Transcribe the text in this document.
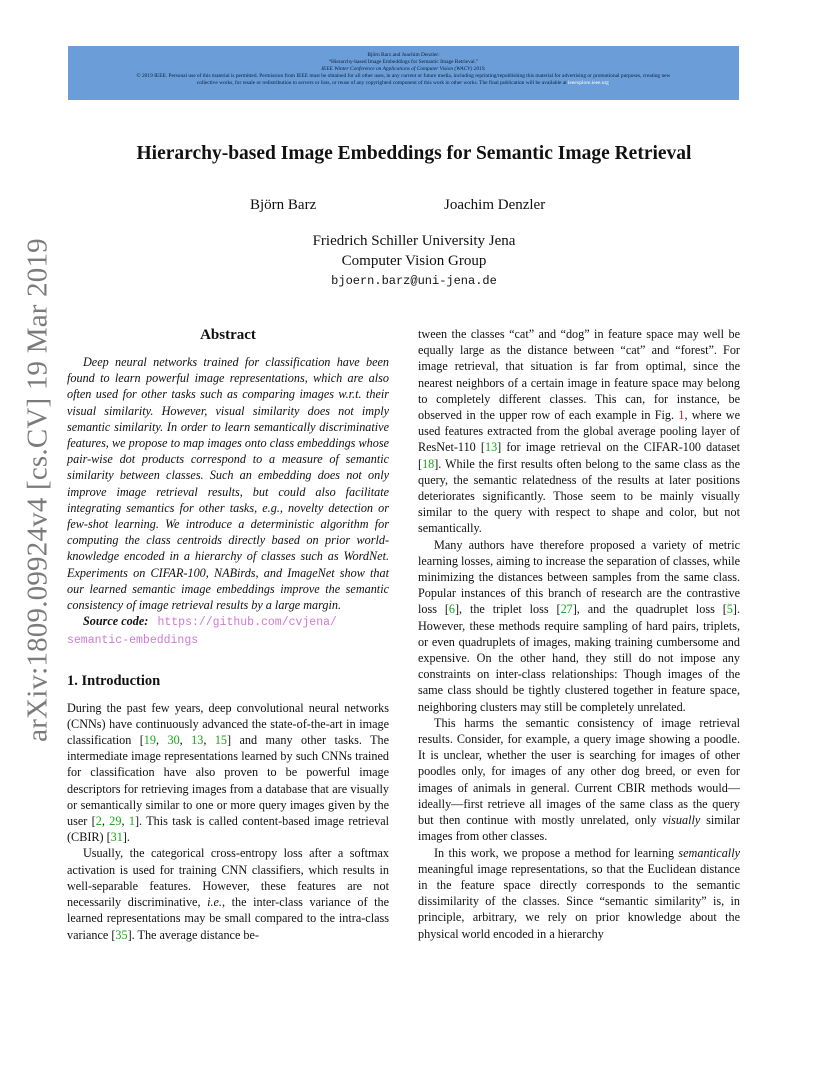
Björn Barz and Joachim Denzler:
“Hierarchy-based Image Embeddings for Semantic Image Retrieval.”
IEEE Winter Conference on Applications of Computer Vision (WACV) 2019.
© 2019 IEEE. Personal use of this material is permitted. Permission from IEEE must be obtained for all other uses, in any current or future media, including reprinting/republishing this material for advertising or promotional purposes, creating new
collective works, for resale or redistribution to servers or lists, or reuse of any copyrighted component of this work in other works. The final publication will be available at ieeexplore.ieee.org.
arXiv:1809.09924v4 [cs.CV] 19 Mar 2019
Hierarchy-based Image Embeddings for Semantic Image Retrieval
Björn Barz	Joachim Denzler
Friedrich Schiller University Jena
Computer Vision Group
bjoern.barz@uni-jena.de
Abstract

Deep neural networks trained for classification have been found to learn powerful image representations, which are also often used for other tasks such as comparing images w.r.t. their visual similarity. However, visual similarity does not imply semantic similarity. In order to learn semantically discriminative features, we propose to map images onto class embeddings whose pair-wise dot products correspond to a measure of semantic similarity between classes. Such an embedding does not only improve image retrieval results, but could also facilitate integrating semantics for other tasks, e.g., novelty detection or few-shot learning. We introduce a deterministic algorithm for computing the class centroids directly based on prior world-knowledge encoded in a hierarchy of classes such as WordNet. Experiments on CIFAR-100, NABirds, and ImageNet show that our learned semantic image embeddings improve the semantic consistency of image retrieval results by a large margin.

Source code: https://github.com/cvjena/
semantic-embeddings

1. Introduction

During the past few years, deep convolutional neural networks (CNNs) have continuously advanced the state-of-the-art in image classification [19, 30, 13, 15] and many other tasks. The intermediate image representations learned by such CNNs trained for classification have also proven to be powerful image descriptors for retrieving images from a database that are visually or semantically similar to one or more query images given by the user [2, 29, 1]. This task is called content-based image retrieval (CBIR) [31].

Usually, the categorical cross-entropy loss after a softmax activation is used for training CNN classifiers, which results in well-separable features. However, these features are not necessarily discriminative, i.e., the inter-class variance of the learned representations may be small compared to the intra-class variance [35]. The average distance be-

tween the classes “cat” and “dog” in feature space may well be equally large as the distance between “cat” and “forest”. For image retrieval, that situation is far from optimal, since the nearest neighbors of a certain image in feature space may belong to completely different classes. This can, for instance, be observed in the upper row of each example in Fig. 1, where we used features extracted from the global average pooling layer of ResNet-110 [13] for image retrieval on the CIFAR-100 dataset [18]. While the first results often belong to the same class as the query, the semantic relatedness of the results at later positions deteriorates significantly. Those seem to be mainly visually similar to the query with respect to shape and color, but not semantically.

Many authors have therefore proposed a variety of metric learning losses, aiming to increase the separation of classes, while minimizing the distances between samples from the same class. Popular instances of this branch of research are the contrastive loss [6], the triplet loss [27], and the quadruplet loss [5]. However, these methods require sampling of hard pairs, triplets, or even quadruplets of images, making training cumbersome and expensive. On the other hand, they still do not impose any constraints on inter-class relationships: Though images of the same class should be tightly clustered together in feature space, neighboring clusters may still be completely unrelated.

This harms the semantic consistency of image retrieval results. Consider, for example, a query image showing a poodle. It is unclear, whether the user is searching for images of other poodles only, for images of any other dog breed, or even for images of animals in general. Current CBIR methods would—ideally—first retrieve all images of the same class as the query but then continue with mostly unrelated, only visually similar images from other classes.

In this work, we propose a method for learning semantically meaningful image representations, so that the Euclidean distance in the feature space directly corresponds to the semantic dissimilarity of the classes. Since “semantic similarity” is, in principle, arbitrary, we rely on prior knowledge about the physical world encoded in a hierarchy
